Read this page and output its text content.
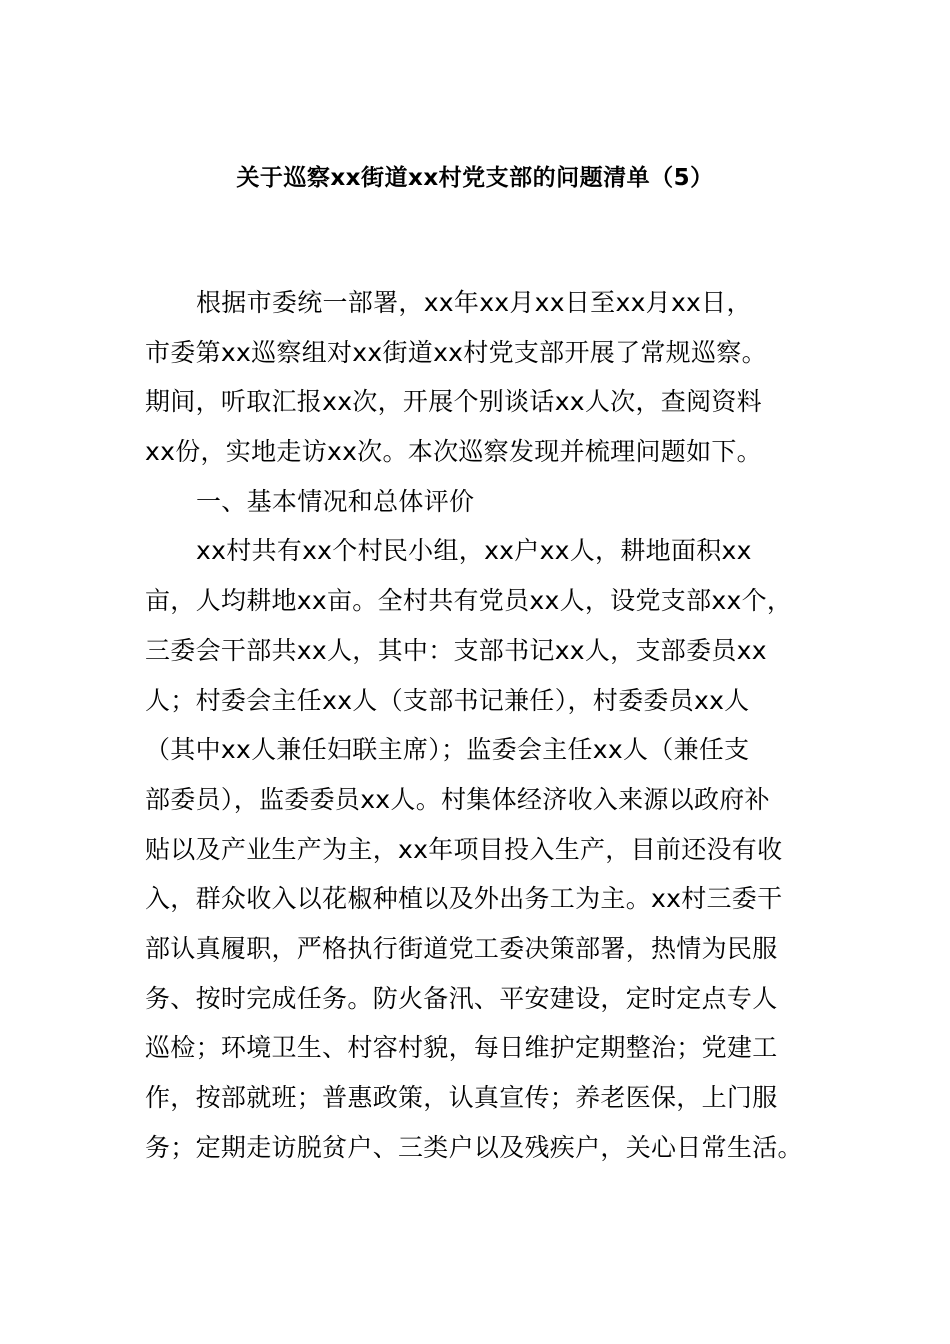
关于巡察xx街道xx村党支部的问题清单（5）
根据市委统一部署，xx年xx月xx日至xx月xx日，
市委第xx巡察组对xx街道xx村党支部开展了常规巡察。
期间，听取汇报xx次，开展个别谈话xx人次，查阅资料
xx份，实地走访xx次。本次巡察发现并梳理问题如下。
一、基本情况和总体评价
xx村共有xx个村民小组，xx户xx人，耕地面积xx
亩，人均耕地xx亩。全村共有党员xx人，设党支部xx个，
三委会干部共xx人，其中：支部书记xx人，支部委员xx
人；村委会主任xx人（支部书记兼任），村委委员xx人
（其中xx人兼任妇联主席）；监委会主任xx人（兼任支
部委员），监委委员xx人。村集体经济收入来源以政府补
贴以及产业生产为主，xx年项目投入生产，目前还没有收
入，群众收入以花椒种植以及外出务工为主。xx村三委干
部认真履职，严格执行街道党工委决策部署，热情为民服
务、按时完成任务。防火备汛、平安建设，定时定点专人
巡检；环境卫生、村容村貌，每日维护定期整治；党建工
作，按部就班；普惠政策，认真宣传；养老医保，上门服
务；定期走访脱贫户、三类户以及残疾户，关心日常生活。
